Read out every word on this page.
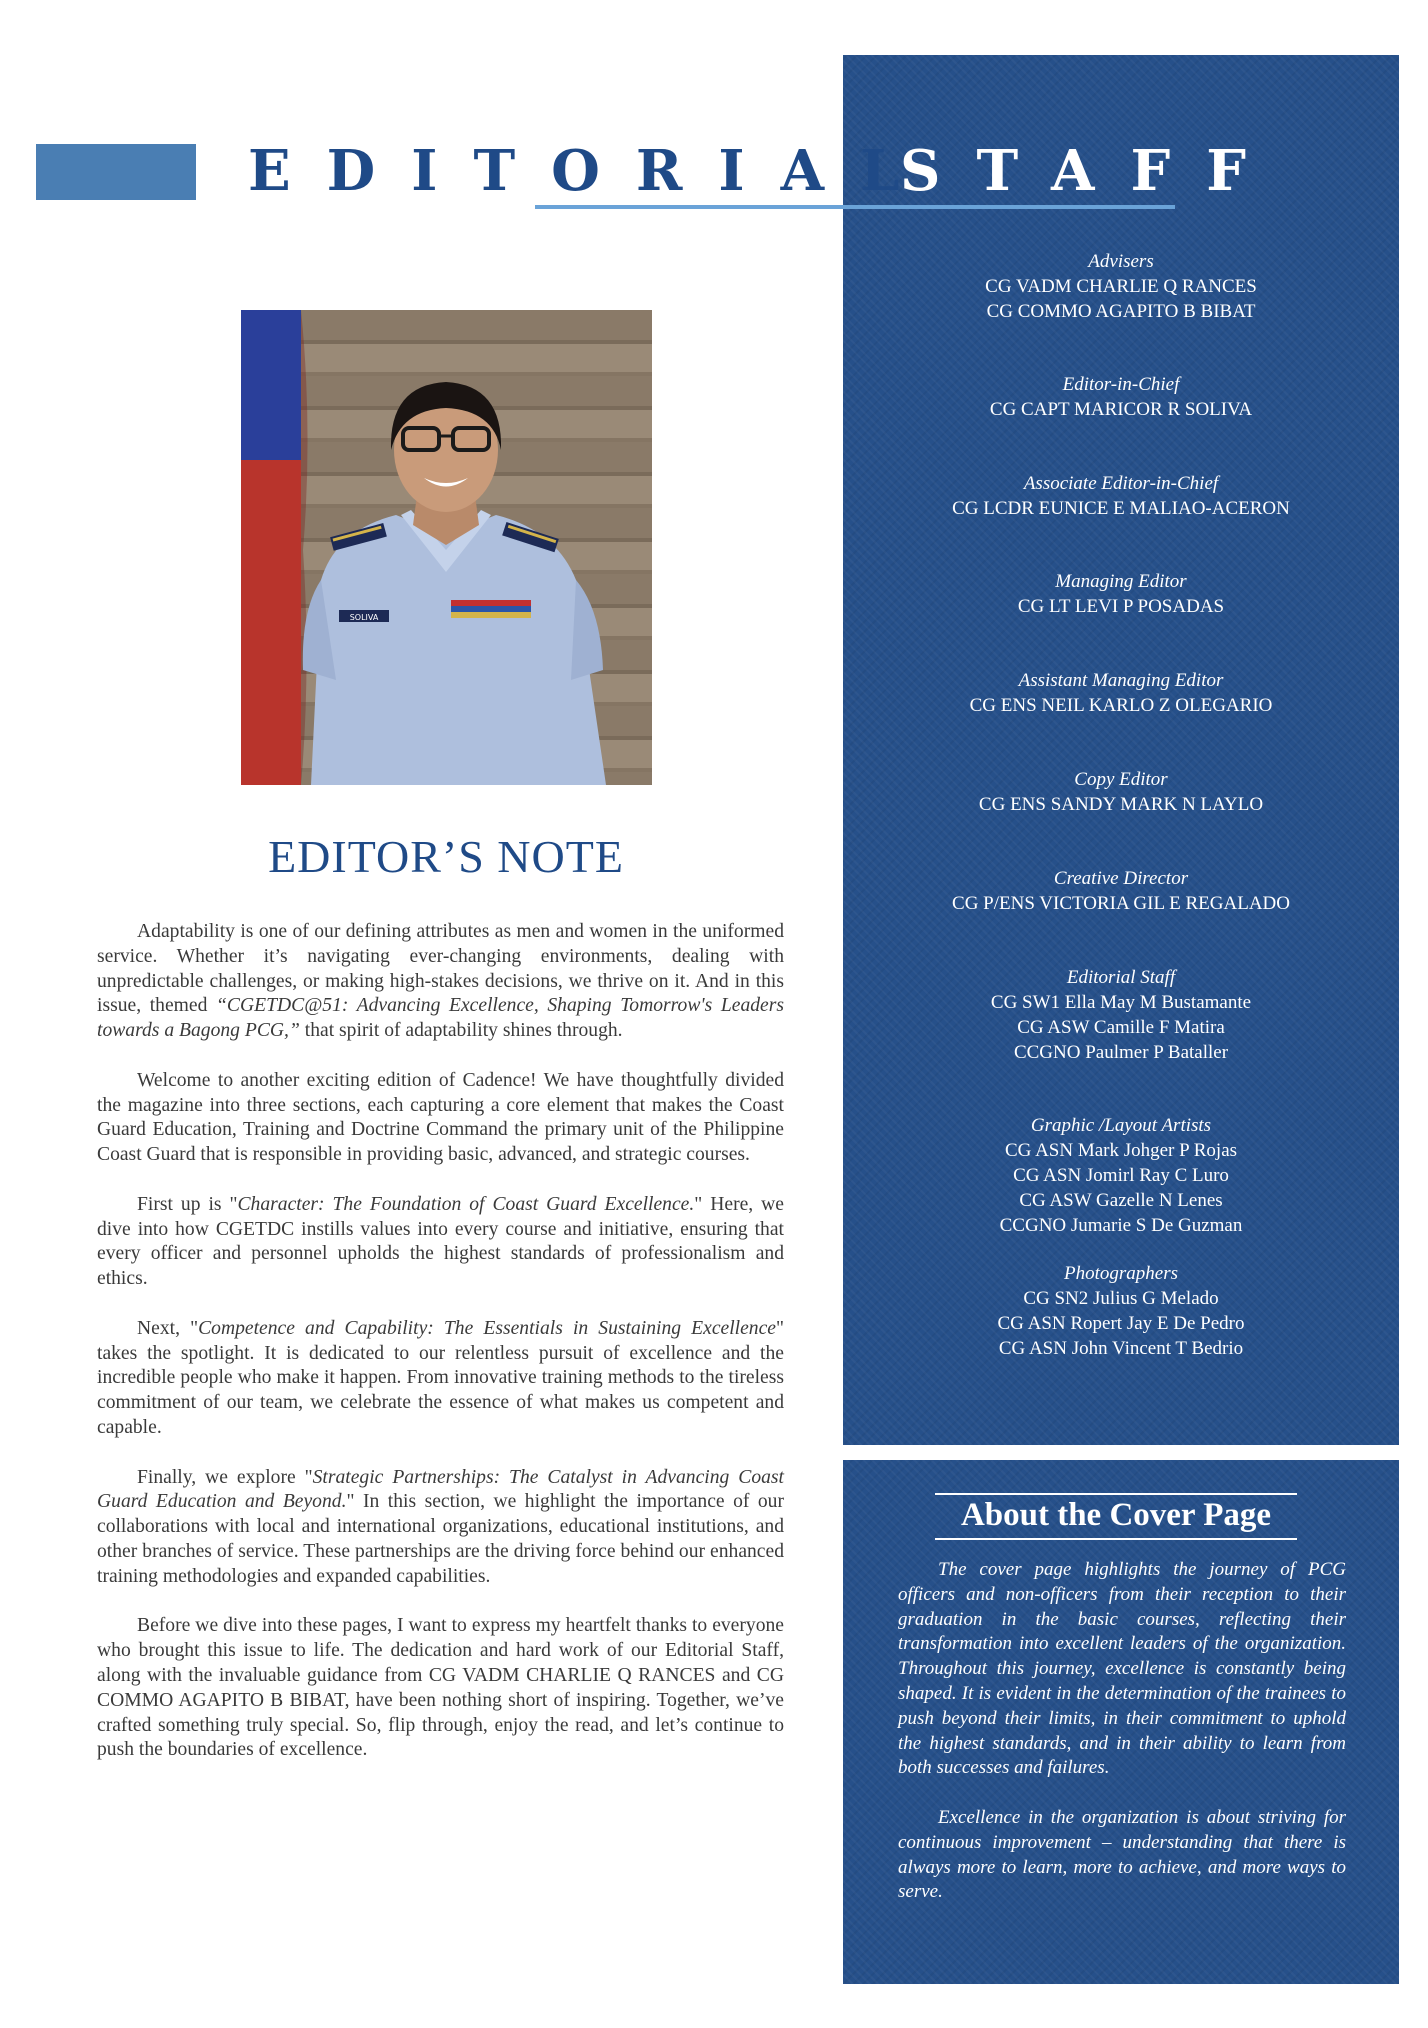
EDITORIAL
STAFF
Advisers
CG VADM CHARLIE Q RANCES
CG COMMO AGAPITO B BIBAT
Editor-in-Chief
CG CAPT MARICOR R SOLIVA
Associate Editor-in-Chief
CG LCDR EUNICE E MALIAO-ACERON
Managing Editor
CG LT LEVI P POSADAS
Assistant Managing Editor
CG ENS NEIL KARLO Z OLEGARIO
Copy Editor
CG ENS SANDY MARK N LAYLO
Creative Director
CG P/ENS VICTORIA GIL E REGALADO
Editorial Staff
CG SW1 Ella May M Bustamante
CG ASW Camille F Matira
CCGNO Paulmer P Bataller
Graphic /Layout Artists
CG ASN Mark Johger P Rojas
CG ASN Jomirl Ray C Luro
CG ASW Gazelle N Lenes
CCGNO Jumarie S De Guzman
Photographers
CG SN2 Julius G Melado
CG ASN Ropert Jay E De Pedro
CG ASN John Vincent T Bedrio
SOLIVA
EDITOR’S NOTE

Adaptability is one of our defining attributes as men and women in the uniformed service. Whether it’s navigating ever-changing environments, dealing with unpredictable challenges, or making high-stakes decisions, we thrive on it. And in this issue, themed “CGETDC@51: Advancing Excellence, Shaping Tomorrow's Leaders towards a Bagong PCG,” that spirit of adaptability shines through.

Welcome to another exciting edition of Cadence! We have thoughtfully divided the magazine into three sections, each capturing a core element that makes the Coast Guard Education, Training and Doctrine Command the primary unit of the Philippine Coast Guard that is responsible in providing basic, advanced, and strategic courses.

First up is "Character: The Foundation of Coast Guard Excellence." Here, we dive into how CGETDC instills values into every course and initiative, ensuring that every officer and personnel upholds the highest standards of professionalism and ethics.

Next, "Competence and Capability: The Essentials in Sustaining Excellence" takes the spotlight. It is dedicated to our relentless pursuit of excellence and the incredible people who make it happen. From innovative training methods to the tireless commitment of our team, we celebrate the essence of what makes us competent and capable.

Finally, we explore "Strategic Partnerships: The Catalyst in Advancing Coast Guard Education and Beyond." In this section, we highlight the importance of our collaborations with local and international organizations, educational institutions, and other branches of service. These partnerships are the driving force behind our enhanced training methodologies and expanded capabilities.

Before we dive into these pages, I want to express my heartfelt thanks to everyone who brought this issue to life. The dedication and hard work of our Editorial Staff, along with the invaluable guidance from CG VADM CHARLIE Q RANCES and CG COMMO AGAPITO B BIBAT, have been nothing short of inspiring. Together, we’ve crafted something truly special. So, flip through, enjoy the read, and let’s continue to push the boundaries of excellence.

About the Cover Page

The cover page highlights the journey of PCG officers and non-officers from their reception to their graduation in the basic courses, reflecting their transformation into excellent leaders of the organization. Throughout this journey, excellence is constantly being shaped. It is evident in the determination of the trainees to push beyond their limits, in their commitment to uphold the highest standards, and in their ability to learn from both successes and failures.

Excellence in the organization is about striving for continuous improvement – understanding that there is always more to learn, more to achieve, and more ways to serve.
